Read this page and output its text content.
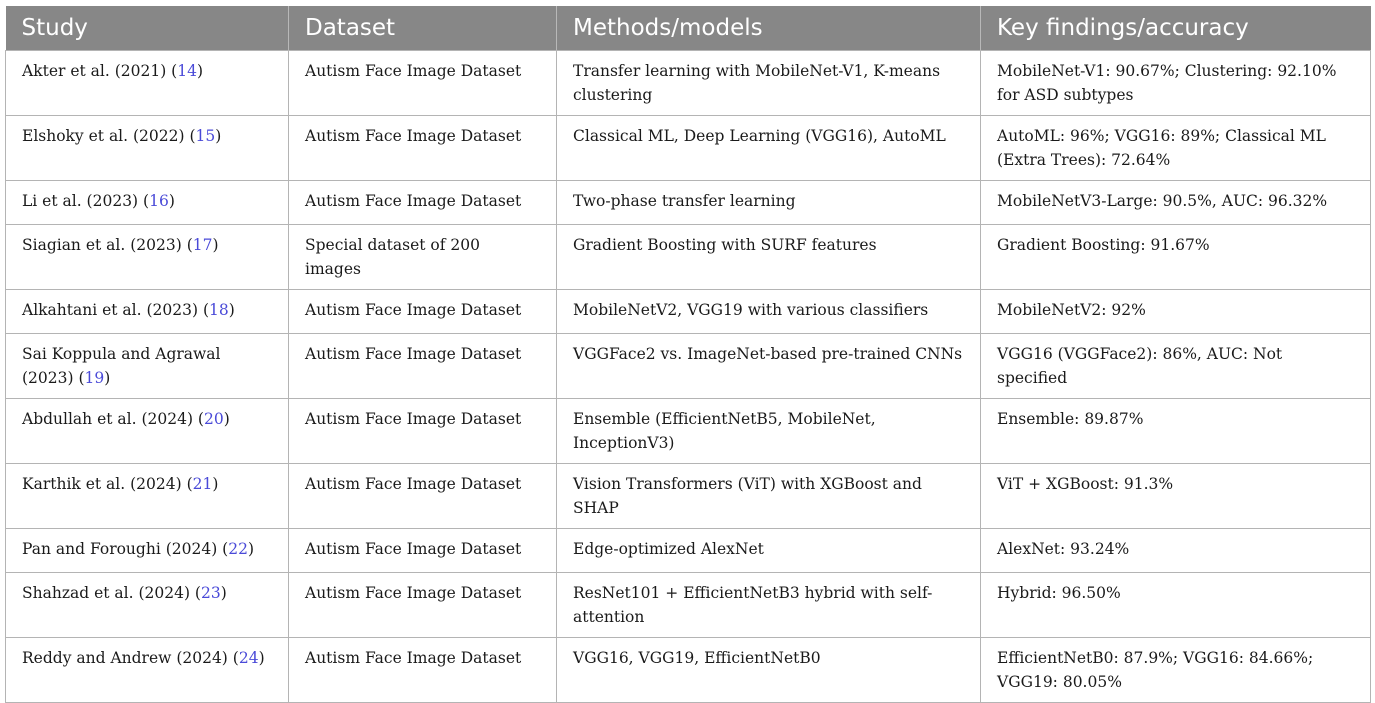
Study	Dataset	Methods/models	Key findings/accuracy
Akter et al. (2021) (14)	Autism Face Image Dataset	Transfer learning with MobileNet-V1, K-means clustering	MobileNet-V1: 90.67%; Clustering: 92.10% for ASD subtypes
Elshoky et al. (2022) (15)	Autism Face Image Dataset	Classical ML, Deep Learning (VGG16), AutoML	AutoML: 96%; VGG16: 89%; Classical ML (Extra Trees): 72.64%
Li et al. (2023) (16)	Autism Face Image Dataset	Two-phase transfer learning	MobileNetV3-Large: 90.5%, AUC: 96.32%
Siagian et al. (2023) (17)	Special dataset of 200 images	Gradient Boosting with SURF features	Gradient Boosting: 91.67%
Alkahtani et al. (2023) (18)	Autism Face Image Dataset	MobileNetV2, VGG19 with various classifiers	MobileNetV2: 92%
Sai Koppula and Agrawal (2023) (19)	Autism Face Image Dataset	VGGFace2 vs. ImageNet-based pre-trained CNNs	VGG16 (VGGFace2): 86%, AUC: Not specified
Abdullah et al. (2024) (20)	Autism Face Image Dataset	Ensemble (EfficientNetB5, MobileNet, InceptionV3)	Ensemble: 89.87%
Karthik et al. (2024) (21)	Autism Face Image Dataset	Vision Transformers (ViT) with XGBoost and SHAP	ViT + XGBoost: 91.3%
Pan and Foroughi (2024) (22)	Autism Face Image Dataset	Edge-optimized AlexNet	AlexNet: 93.24%
Shahzad et al. (2024) (23)	Autism Face Image Dataset	ResNet101 + EfficientNetB3 hybrid with self-attention	Hybrid: 96.50%
Reddy and Andrew (2024) (24)	Autism Face Image Dataset	VGG16, VGG19, EfficientNetB0	EfficientNetB0: 87.9%; VGG16: 84.66%; VGG19: 80.05%
